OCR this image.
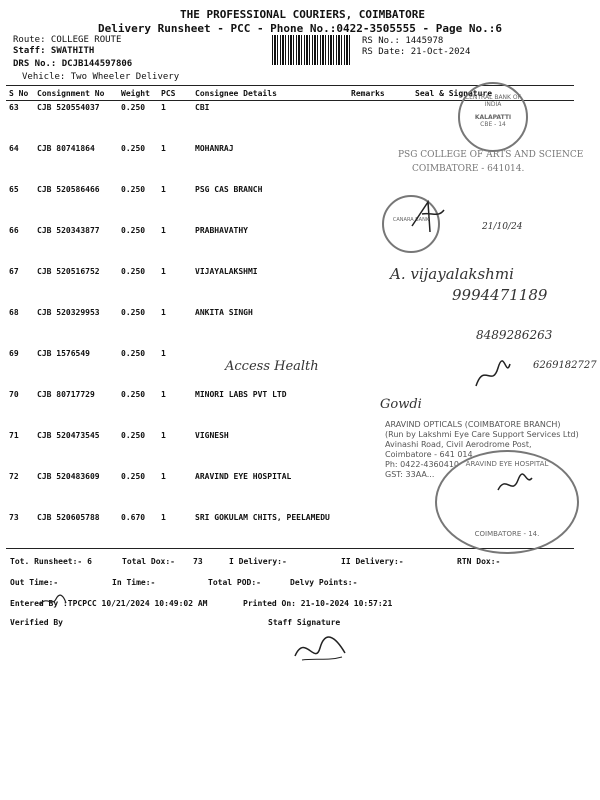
THE PROFESSIONAL COURIERS, COIMBATORE
Delivery Runsheet - PCC - Phone No.:0422-3505555 - Page No.:6
Route: COLLEGE ROUTE
Staff: SWATHITH
DRS No.: DCJB144597806
Vehicle: Two Wheeler Delivery
RS No.: 1445978
RS Date: 21-Oct-2024
S No	Consignment No	Weight	PCS	Consignee Details	Remarks	Seal & Signature
63	CJB 520554037	0.250	1	CBI		
64	CJB 80741864	0.250	1	MOHANRAJ		
65	CJB 520586466	0.250	1	PSG CAS BRANCH		
66	CJB 520343877	0.250	1	PRABHAVATHY		
67	CJB 520516752	0.250	1	VIJAYALAKSHMI		
68	CJB 520329953	0.250	1	ANKITA SINGH		
69	CJB 1576549	0.250	1			
70	CJB 80717729	0.250	1	MINORI LABS PVT LTD		
71	CJB 520473545	0.250	1	VIGNESH		
72	CJB 520483609	0.250	1	ARAVIND EYE HOSPITAL		
73	CJB 520605788	0.670	1	SRI GOKULAM CHITS, PEELAMEDU		
CENTRAL BANK OF INDIA
KALAPATTI
CBE - 14
PSG COLLEGE OF ARTS AND SCIENCE
COIMBATORE - 641014.
CANARA BANK
21/10/24
A. vijayalakshmi
9994471189
8489286263
Access Health	6269182727
Gowdi
ARAVIND OPTICALS (COIMBATORE BRANCH)
(Run by Lakshmi Eye Care Support Services Ltd)
Avinashi Road, Civil Aerodrome Post,
Coimbatore - 641 014
Ph: 0422-4360410
GST: 33AA...
ARAVIND EYE HOSPITAL
COIMBATORE - 14.
Tot. Runsheet:- 6	Total Dox:- 73	I Delivery:-	II Delivery:-	RTN Dox:-
Out Time:-	In Time:-	Total POD:-	Delvy Points:-
Entered By :TPCPCC 10/21/2024 10:49:02 AM	Printed On: 21-10-2024 10:57:21
Verified By	Staff Signature
